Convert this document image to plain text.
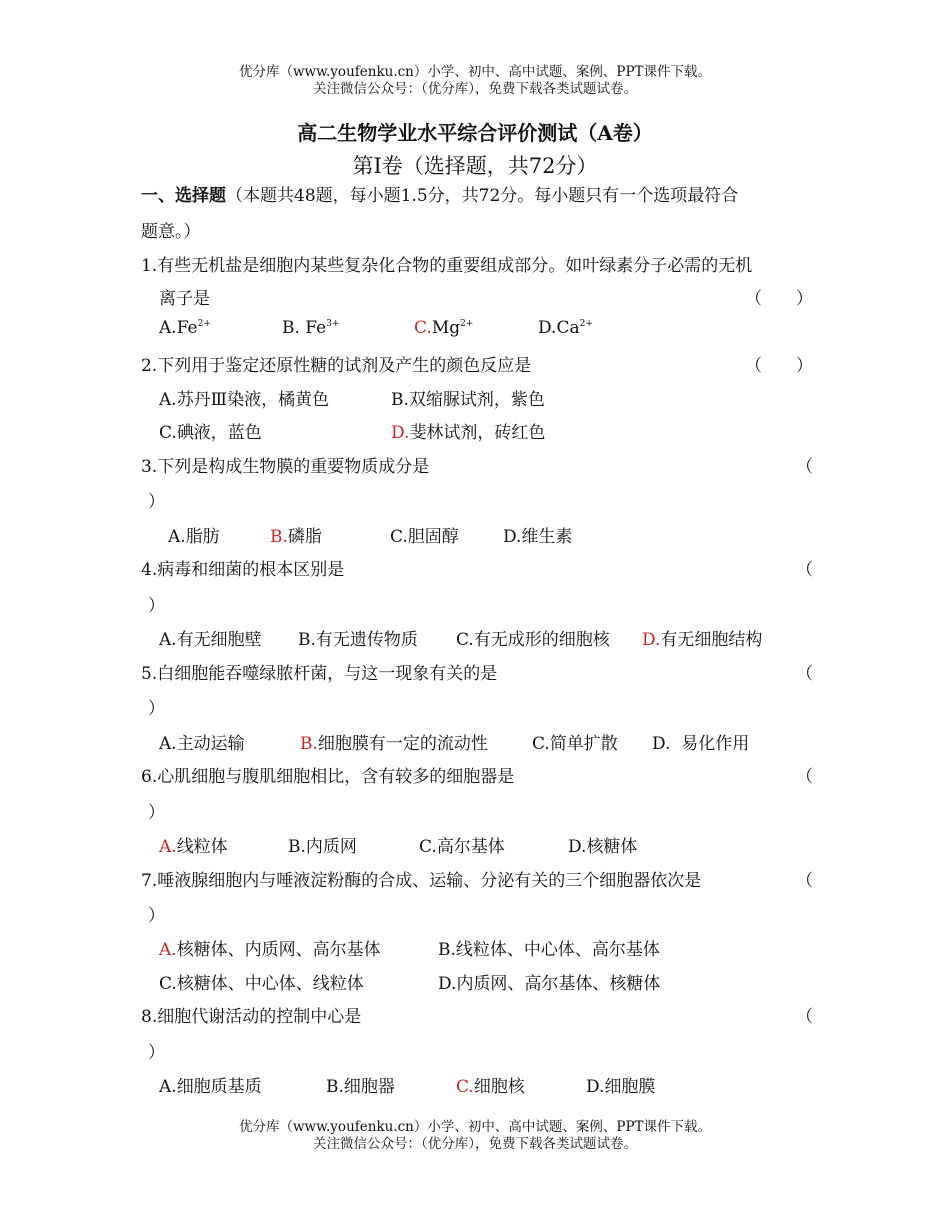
优分库（www.youfenku.cn）小学、初中、高中试题、案例、PPT课件下载。
关注微信公众号：（优分库），免费下载各类试题试卷。
高二生物学业水平综合评价测试（A卷）
第Ⅰ卷（选择题，共72分）
一、选择题（本题共48题，每小题1.5分，共72分。每小题只有一个选项最符合
题意。）
1.有些无机盐是细胞内某些复杂化合物的重要组成部分。如叶绿素分子必需的无机
离子是	（　　）
$A.Fe^{2+}$	B. $Fe^{3+}$	$C.Mg^{2+}$	$D.Ca^{2+}$
2.下列用于鉴定还原性糖的试剂及产生的颜色反应是	（　　）
A.苏丹Ⅲ染液，橘黄色	B.双缩脲试剂，紫色
C.碘液，蓝色	D.斐林试剂，砖红色
3.下列是构成生物膜的重要物质成分是	（
）
A.脂肪	B.磷脂	C.胆固醇	D.维生素
4.病毒和细菌的根本区别是	（
）
A.有无细胞壁 B.有无遗传物质 C.有无成形的细胞核 D.有无细胞结构
5.白细胞能吞噬绿脓杆菌，与这一现象有关的是	（
）
A.主动运输	B.细胞膜有一定的流动性	C.简单扩散 D.  易化作用
6.心肌细胞与腹肌细胞相比，含有较多的细胞器是	（
）
A.线粒体	B.内质网	C.高尔基体	D.核糖体
7.唾液腺细胞内与唾液淀粉酶的合成、运输、分泌有关的三个细胞器依次是	（
）
A.核糖体、内质网、高尔基体	B.线粒体、中心体、高尔基体
C.核糖体、中心体、线粒体	D.内质网、高尔基体、核糖体
8.细胞代谢活动的控制中心是	（
）
A.细胞质基质	B.细胞器	C.细胞核	D.细胞膜
优分库（www.youfenku.cn）小学、初中、高中试题、案例、PPT课件下载。
关注微信公众号：（优分库），免费下载各类试题试卷。
